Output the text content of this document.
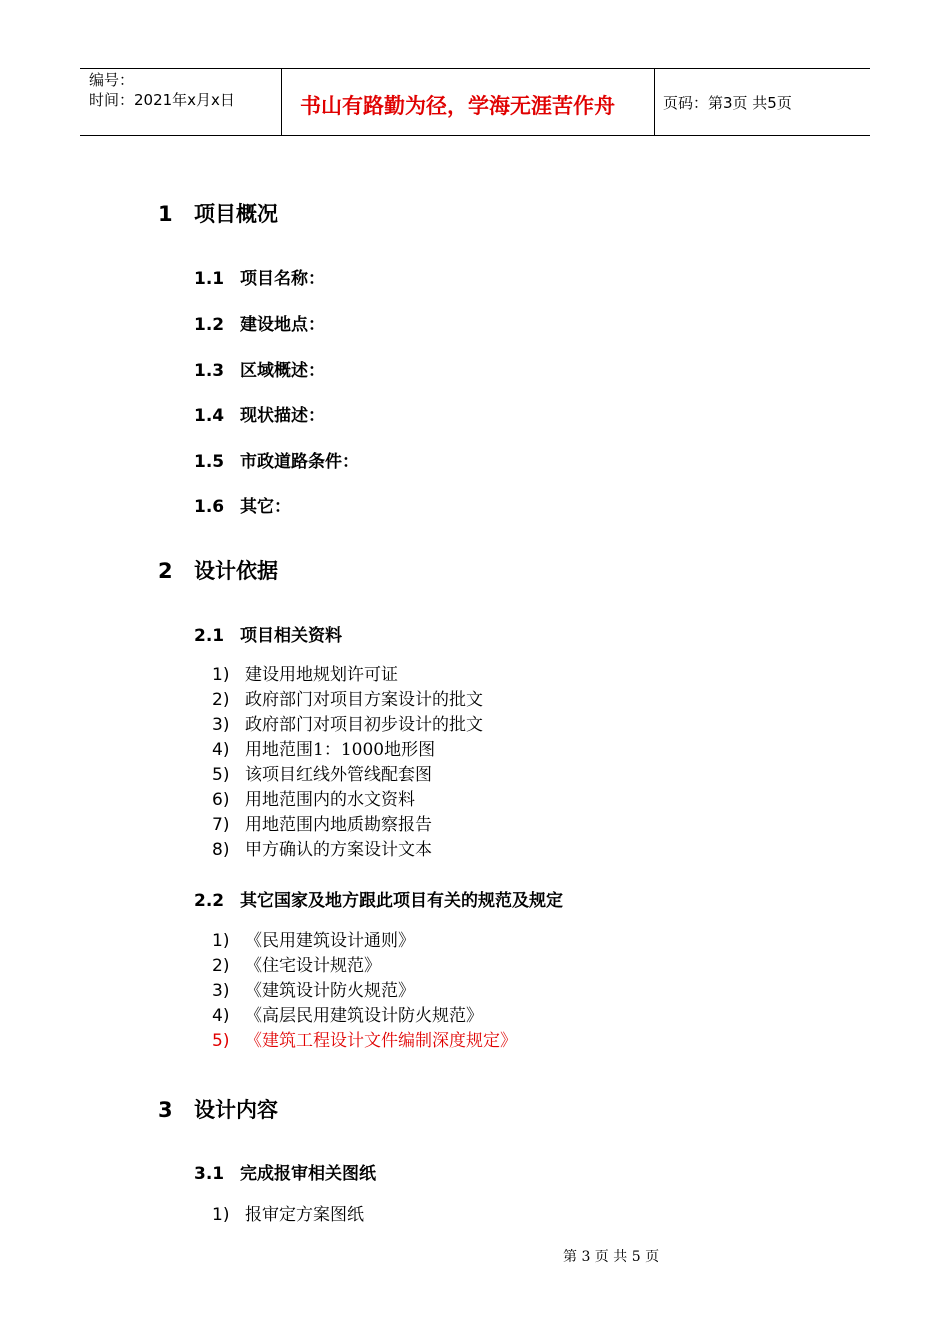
编号：
时间：2021年x月x日	书山有路勤为径，学海无涯苦作舟	页码：第3页 共5页
1 项目概况
1.1 项目名称：
1.2 建设地点：
1.3 区域概述：
1.4 现状描述：
1.5 市政道路条件：
1.6 其它：
2 设计依据
2.1 项目相关资料
1) 建设用地规划许可证
2) 政府部门对项目方案设计的批文
3) 政府部门对项目初步设计的批文
4) 用地范围1：1000地形图
5) 该项目红线外管线配套图
6) 用地范围内的水文资料
7) 用地范围内地质勘察报告
8) 甲方确认的方案设计文本
2.2 其它国家及地方跟此项目有关的规范及规定
1) 《民用建筑设计通则》
2) 《住宅设计规范》
3) 《建筑设计防火规范》
4) 《高层民用建筑设计防火规范》
5) 《建筑工程设计文件编制深度规定》
3 设计内容
3.1 完成报审相关图纸
1) 报审定方案图纸
第 3 页 共 5 页
